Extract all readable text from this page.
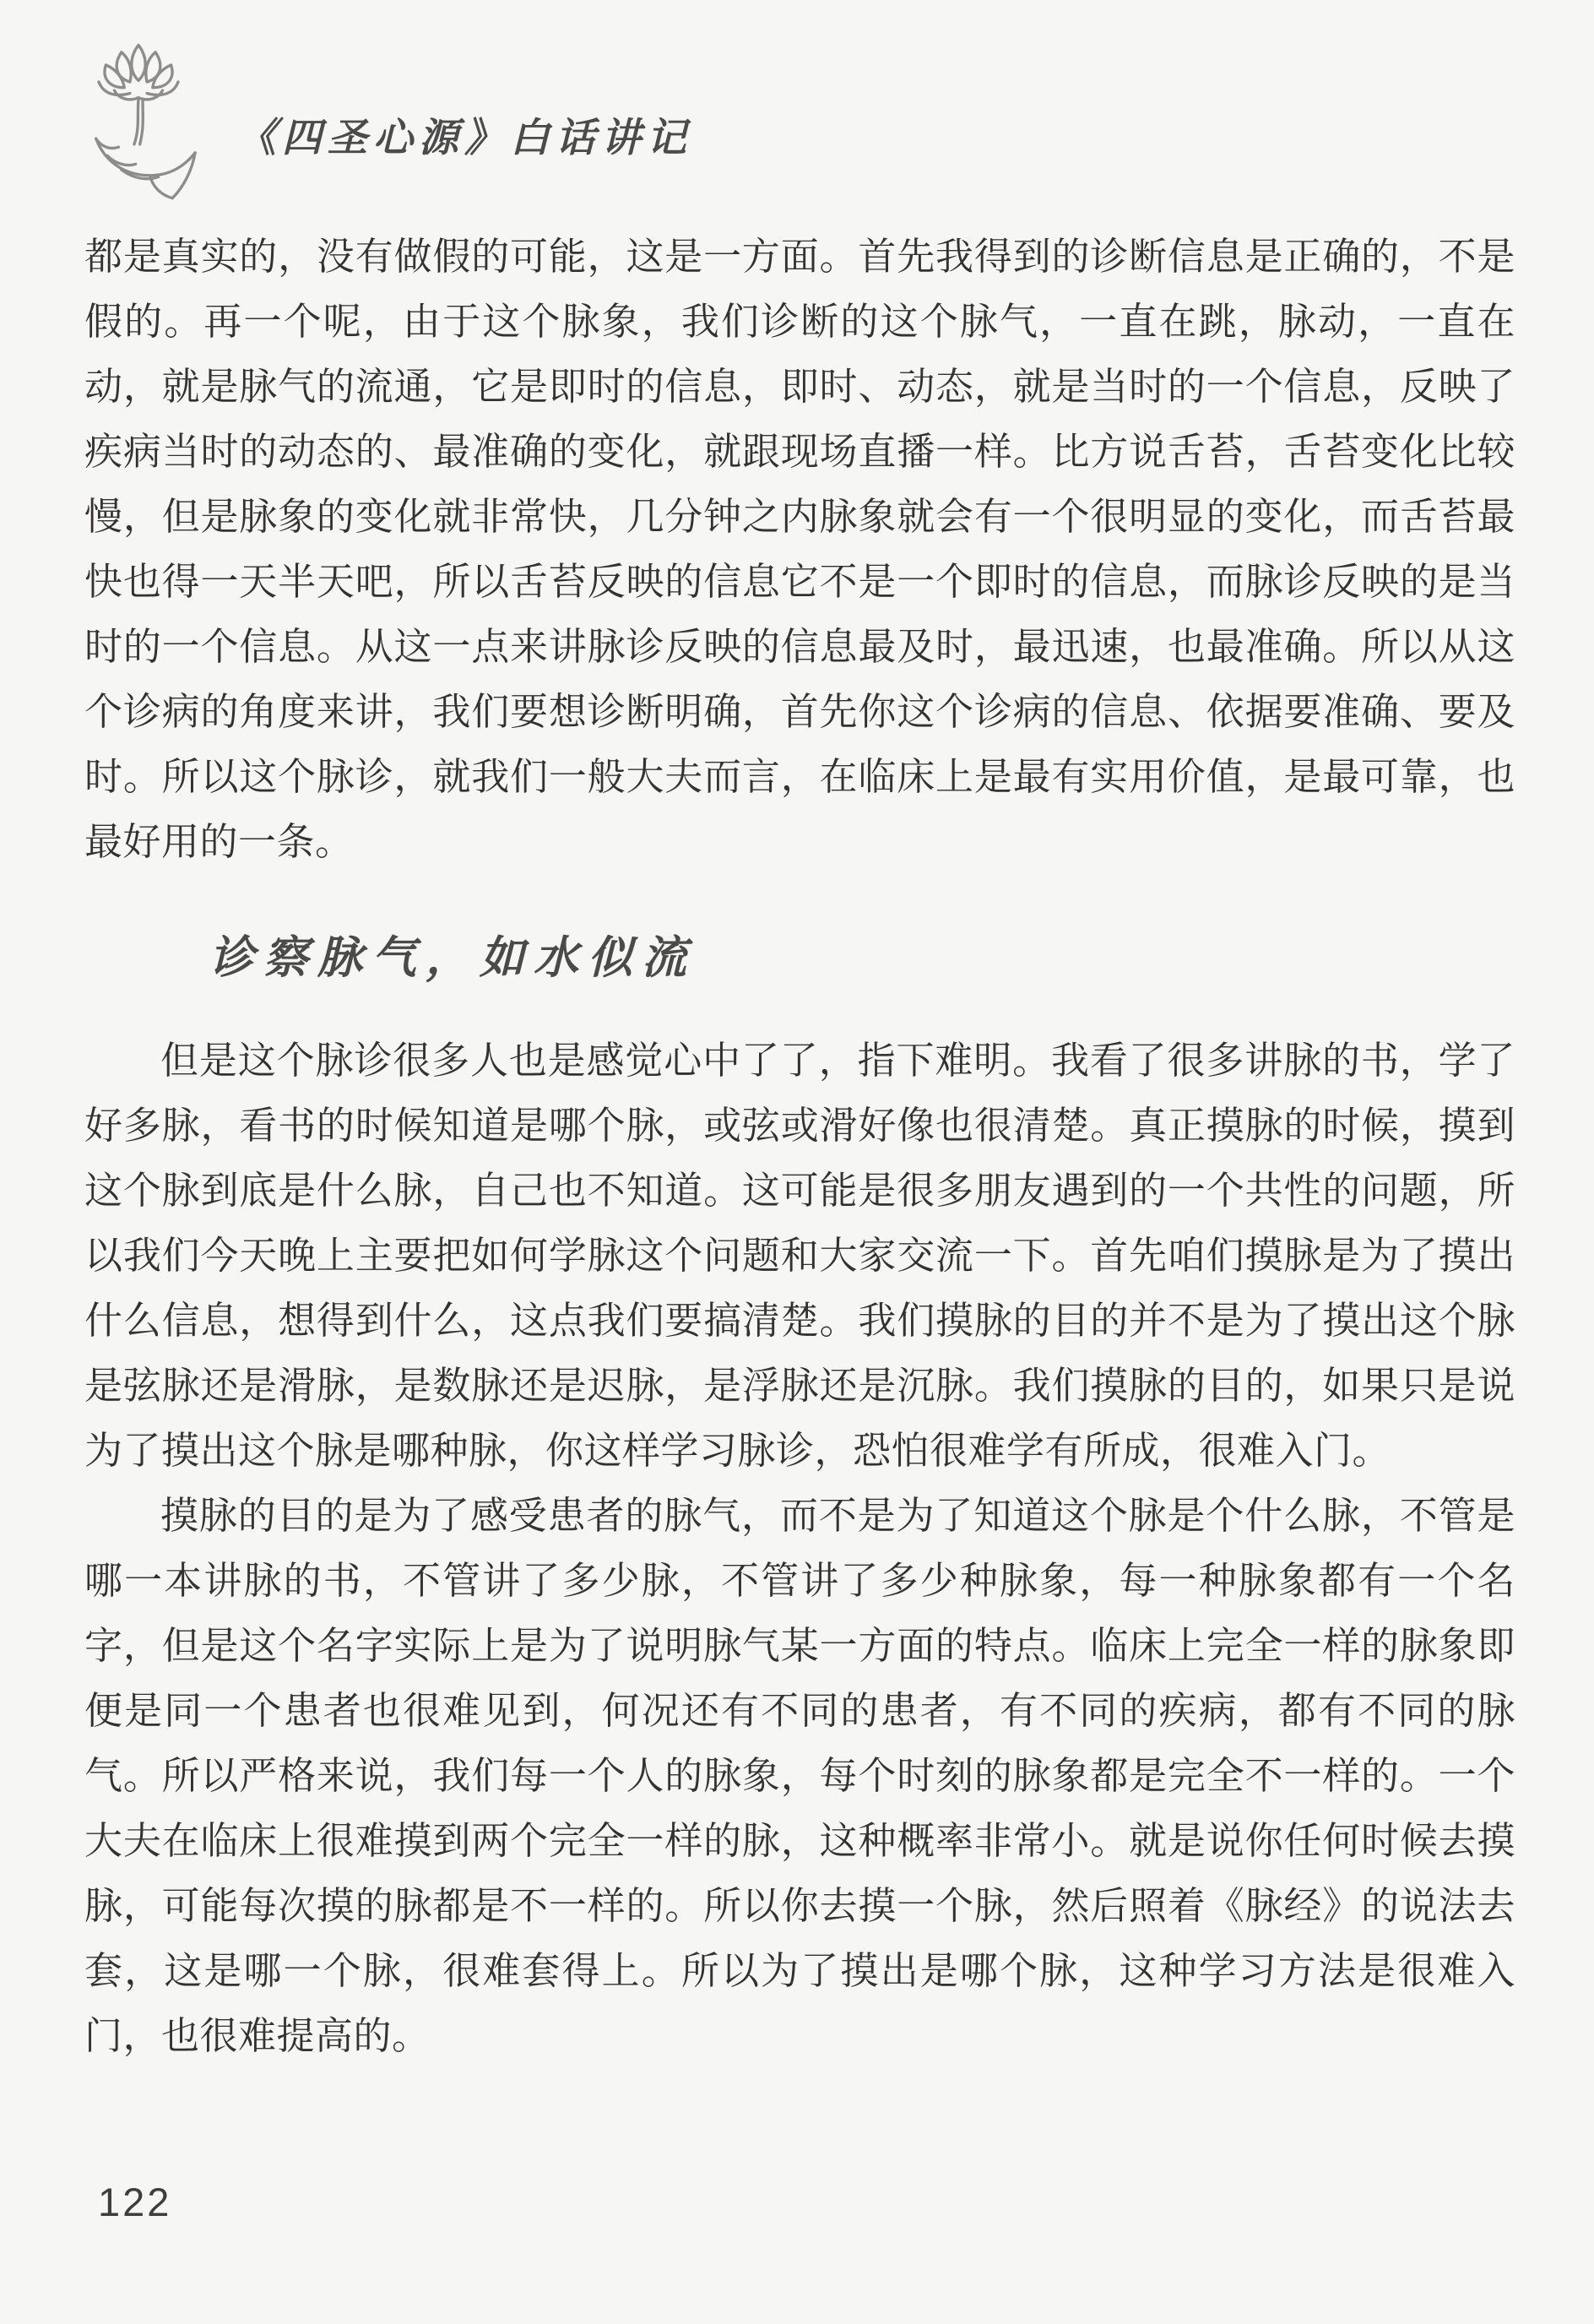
《四圣心源》白话讲记

都是真实的，没有做假的可能，这是一方面。首先我得到的诊断信息是正确的，不是假的。再一个呢，由于这个脉象，我们诊断的这个脉气，一直在跳，脉动，一直在动，就是脉气的流通，它是即时的信息，即时、动态，就是当时的一个信息，反映了疾病当时的动态的、最准确的变化，就跟现场直播一样。比方说舌苔，舌苔变化比较慢，但是脉象的变化就非常快，几分钟之内脉象就会有一个很明显的变化，而舌苔最快也得一天半天吧，所以舌苔反映的信息它不是一个即时的信息，而脉诊反映的是当时的一个信息。从这一点来讲脉诊反映的信息最及时，最迅速，也最准确。所以从这个诊病的角度来讲，我们要想诊断明确，首先你这个诊病的信息、依据要准确、要及时。所以这个脉诊，就我们一般大夫而言，在临床上是最有实用价值，是最可靠，也最好用的一条。

诊察脉气，如水似流

但是这个脉诊很多人也是感觉心中了了，指下难明。我看了很多讲脉的书，学了好多脉，看书的时候知道是哪个脉，或弦或滑好像也很清楚。真正摸脉的时候，摸到这个脉到底是什么脉，自己也不知道。这可能是很多朋友遇到的一个共性的问题，所以我们今天晚上主要把如何学脉这个问题和大家交流一下。首先咱们摸脉是为了摸出什么信息，想得到什么，这点我们要搞清楚。我们摸脉的目的并不是为了摸出这个脉是弦脉还是滑脉，是数脉还是迟脉，是浮脉还是沉脉。我们摸脉的目的，如果只是说为了摸出这个脉是哪种脉，你这样学习脉诊，恐怕很难学有所成，很难入门。

摸脉的目的是为了感受患者的脉气，而不是为了知道这个脉是个什么脉，不管是哪一本讲脉的书，不管讲了多少脉，不管讲了多少种脉象，每一种脉象都有一个名字，但是这个名字实际上是为了说明脉气某一方面的特点。临床上完全一样的脉象即便是同一个患者也很难见到，何况还有不同的患者，有不同的疾病，都有不同的脉气。所以严格来说，我们每一个人的脉象，每个时刻的脉象都是完全不一样的。一个大夫在临床上很难摸到两个完全一样的脉，这种概率非常小。就是说你任何时候去摸脉，可能每次摸的脉都是不一样的。所以你去摸一个脉，然后照着《脉经》的说法去套，这是哪一个脉，很难套得上。所以为了摸出是哪个脉，这种学习方法是很难入门，也很难提高的。

122
